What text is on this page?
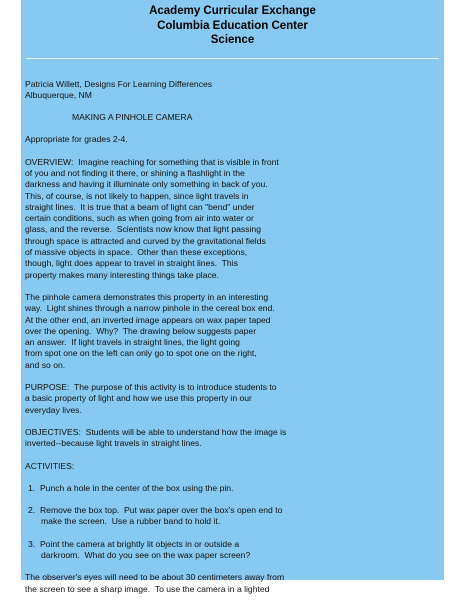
Academy Curricular Exchange
Columbia Education Center
Science
Patricia Willett, Designs For Learning Differences
Albuquerque, NM
MAKING A PINHOLE CAMERA
Appropriate for grades 2-4.
OVERVIEW:  Imagine reaching for something that is visible in front
of you and not finding it there, or shining a flashlight in the
darkness and having it illuminate only something in back of you.
This, of course, is not likely to happen, since light travels in
straight lines.  It is true that a beam of light can "bend" under
certain conditions, such as when going from air into water or
glass, and the reverse.  Scientists now know that light passing
through space is attracted and curved by the gravitational fields
of massive objects in space.  Other than these exceptions,
though, light does appear to travel in straight lines.  This
property makes many interesting things take place.
The pinhole camera demonstrates this property in an interesting
way.  Light shines through a narrow pinhole in the cereal box end.
At the other end, an inverted image appears on wax paper taped
over the opening.  Why?  The drawing below suggests paper
an answer.  If light travels in straight lines, the light going
from spot one on the left can only go to spot one on the right,
and so on.
PURPOSE:  The purpose of this activity is to introduce students to
a basic property of light and how we use this property in our
everyday lives.
OBJECTIVES:  Students will be able to understand how the image is
inverted--because light travels in straight lines.
ACTIVITIES:
1. Punch a hole in the center of the box using the pin.
2. Remove the box top.  Put wax paper over the box's open end to
make the screen.  Use a rubber band to hold it.
3. Point the camera at brightly lit objects in or outside a
darkroom.  What do you see on the wax paper screen?
The observer's eyes will need to be about 30 centimeters away from
the screen to see a sharp image.  To use the camera in a lighted
